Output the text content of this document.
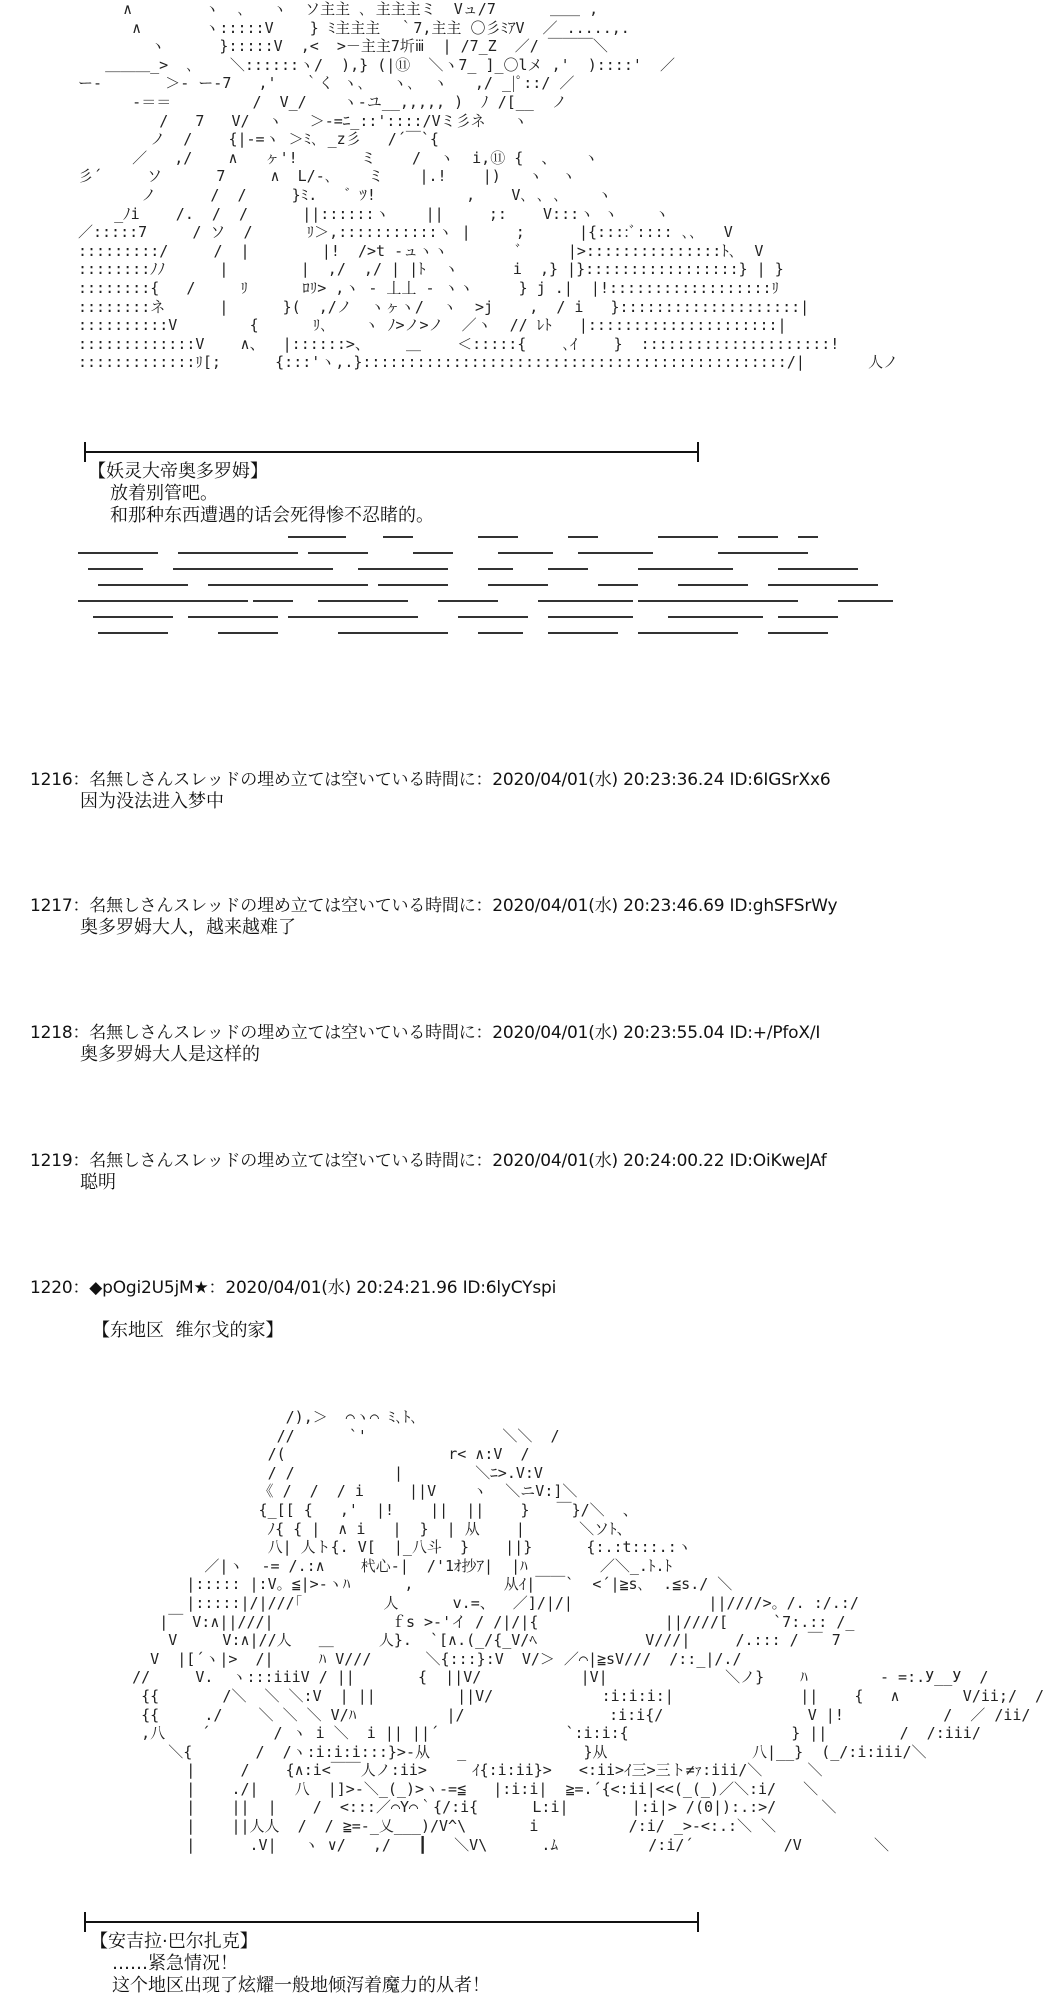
∧        ヽ  ､   ヽ  ソ主主 ､ 主主主ミ  Vュ/7      ＿＿ ,
∧       ヽ:::::V    } ﾐ主主主  ｀7,主主 〇彡ﾐｱV  ／ .....,.
ヽ      }:::::V  ,<  >－主主7圻ⅲ  | /7_Z  ／/ ￣￣￣＼
＿＿＿_>  ､    ＼::::::ヽ/  ),} (|⑪  ＼ヽ7_ ]_〇lメ ,'  )::::'  ／
ー‐       ＞‐ ー‐7   ,'   ｀く ヽ､   ヽ､  ヽ   ,/ _|ﾟ::/ ／
‐＝＝         /  V_/    ヽ‐ユ__,,,,, )  ﾉ /[__  ノ
/   7   V/  ヽ   ＞‐=ﾆ_::'::::/Vミ彡ネ   ヽ
ノ  /    {|‐=ヽ ＞ﾐ､ _z彡   /´￣`{
／   ,/    ∧   ヶ'!       ミ    /  ヽ  i,⑪ {  、   ヽ
彡´     ソ      7     ∧  L/‐､    ミ    |.!    |)   ヽ  ヽ
ノ      /  /     }ﾐ.   ゛ﾂ!          ,    V､ ､ ､    ヽ
_ﾉi    /.  /  /      ||::::::ヽ    ||     ;:    V:::ヽ ヽ    ヽ
／:::::7     / ソ  /      ﾘ＞,:::::::::::ヽ |     ;      |{::::ﾞ:::: ､､   V
:::::::::/     /  |        |!  />t ‐ュヽヽ        ﾞ     |>:::::::::::::::ﾄ､  V
::::::::ﾉﾉ      |        |  ,/  ,/ | |ﾄ  ヽ      i  ,} |}:::::::::::::::::} | }
::::::::{   /     ﾘ      ﾛﾘ> ,ヽ ‐ 丄丄 ‐ ヽヽ     } j .|  |!::::::::::::::::::ﾘ
::::::::ネ      |      }(  ,/ノ  ヽヶヽ/  ヽ  >j    ,  / i   }::::::::::::::::::::|
::::::::::V        {      ﾘ､    ヽ ﾉ>ノ>ノ  ／ヽ  // ﾚﾄ   |:::::::::::::::::::::|
:::::::::::::V    ∧、  |::::::>、    ＿    ＜:::::{    ､ｲ    }  :::::::::::::::::::::!
:::::::::::::ﾘ[;      {:::'ヽ,.}:::::::::::::::::::::::::::::::::::::::::::::::/|       人ノ
【妖灵大帝奥多罗姆】
放着别管吧。
和那种东西遭遇的话会死得惨不忍睹的。
1216：名無しさんスレッドの埋め立ては空いている時間に：2020/04/01(水) 20:23:36.24 ID:6IGSrXx6
因为没法进入梦中
1217：名無しさんスレッドの埋め立ては空いている時間に：2020/04/01(水) 20:23:46.69 ID:ghSFSrWy
奥多罗姆大人，越来越难了
1218：名無しさんスレッドの埋め立ては空いている時間に：2020/04/01(水) 20:23:55.04 ID:+/PfoX/I
奥多罗姆大人是这样的
1219：名無しさんスレッドの埋め立ては空いている時間に：2020/04/01(水) 20:24:00.22 ID:OiKweJAf
聪明
1220：◆pOgi2U5jM★：2020/04/01(水) 20:24:21.96 ID:6lyCYspi
【东地区  维尔戈的家】
/),＞  ⌒ヽ⌒ ﾐ､ﾄ､
//      `'               ＼＼  /
/(                  r< ∧:V  /
/ /           |        ＼ﾆ>.V:V
《 /  /  / i     ||V    ヽ  ＼ニV:]＼
{_[[ {   ,'  |!    ||  ||    }   ￣}/＼  、
ﾉ{ { |  ∧ i   |  }  | 从    |      ＼ソﾄ、
八| 人ト{. V[  |_八斗  }    ||}      {:.:t:::.:ヽ
／|ヽ  ‐= /.:∧    杙心‐|  /'1ｵ抄ｱ|  |ﾊ        ／＼_.ﾄ.ﾄ
|::::: |:V。≦|>‐ヽﾊ      ,          从ｲ|￣￣`  <´|≧s､  .≦s./ ＼
|:::::|/|///｢         人      v.=、  ／]/|/|               ||////>。/. :/.:/
|￣ V:∧||///|             ｆs >‐'イ / /|/|{              ||////[     `7:.:: /_
V     V:∧|//人   ＿     人}.  `[∧.(_/{_V/ﾍ            V///|     /.::: / ￣ 7
V  |[´ヽ|>  /|     ﾊ V///      ＼{:::}:V  V/＞ ／⌒|≧sV///  /::_|/./
//     V.  ヽ:::iiiV / ||       {  ||V/           |V|             ＼ノ}    ﾊ        ‐ =:.У__У  /
{{       /＼  ＼ ＼:V  | ||         ||V/            :i:i:i:|              ||    {   ∧       V/ii;/  /
{{     ./    ＼ ＼ ＼ V/ﾊ          |/                :i:i{/                V |!           /  ／ /ii/
,八    ´       / ヽ i ＼  i || ||´              `:i:i:{                  } ||        /  /:iii/
＼{       /  /ヽ:i:i:i:::}>‐从   _             }从                八|__}  (_/:i:iii/＼
|     /    {∧:i<￣￣人ノ:ii>     ｲ{:i:ii}>   <:ii>ｲ三>三ト≠ｧ:iii/＼     ＼
|    ./|    八  |]>‐＼_(_)>ヽ‐=≦   |:i:i|  ≧=.´{<:ii|<<(_(_)／＼:i/   ＼
|    ||  |    /  <:::／⌒Y⌒｀{/:i{      L:i|       |:i|> /(0|):.:>/     ＼
|    ||人人  /  / ≧=‐_乂___)/V^\       i          /:i/ _>‐<:.:＼ ＼
|      .V|   ヽ ∨/   ,/   ┃   ＼V\      .ﾑ          /:i/´          /V        ＼
【安吉拉·巴尔扎克】
……紧急情况！
这个地区出现了炫耀一般地倾泻着魔力的从者！
